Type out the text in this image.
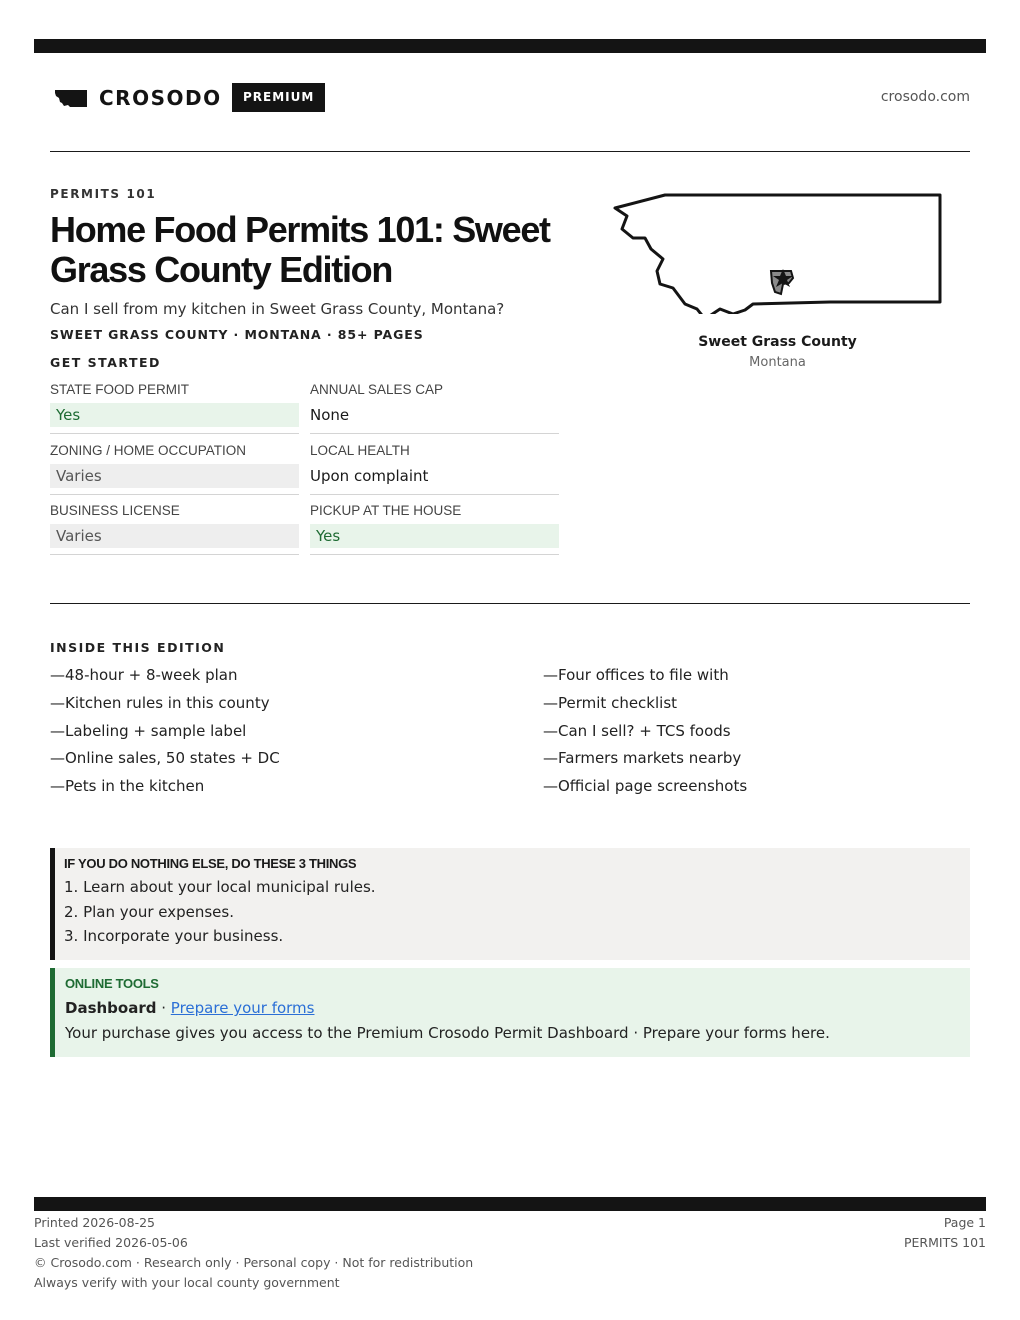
CROSODO	PREMIUM	crosodo.com
PERMITS 101
Home Food Permits 101: Sweet Grass County Edition
Can I sell from my kitchen in Sweet Grass County, Montana?
SWEET GRASS COUNTY · MONTANA · 85+ PAGES
GET STARTED
STATE FOOD PERMIT
Yes
ANNUAL SALES CAP
None
ZONING / HOME OCCUPATION
Varies
LOCAL HEALTH
Upon complaint
BUSINESS LICENSE
Varies
PICKUP AT THE HOUSE
Yes
Sweet Grass County
Montana
INSIDE THIS EDITION
—48-hour + 8-week plan
—Kitchen rules in this county
—Labeling + sample label
—Online sales, 50 states + DC
—Pets in the kitchen
—Four offices to file with
—Permit checklist
—Can I sell? + TCS foods
—Farmers markets nearby
—Official page screenshots
IF YOU DO NOTHING ELSE, DO THESE 3 THINGS
1. Learn about your local municipal rules.
2. Plan your expenses.
3. Incorporate your business.
ONLINE TOOLS
Dashboard · Prepare your forms
Your purchase gives you access to the Premium Crosodo Permit Dashboard · Prepare your forms here.
Printed 2026-08-25
Last verified 2026-05-06
© Crosodo.com · Research only · Personal copy · Not for redistribution
Always verify with your local county government
Page 1
PERMITS 101
